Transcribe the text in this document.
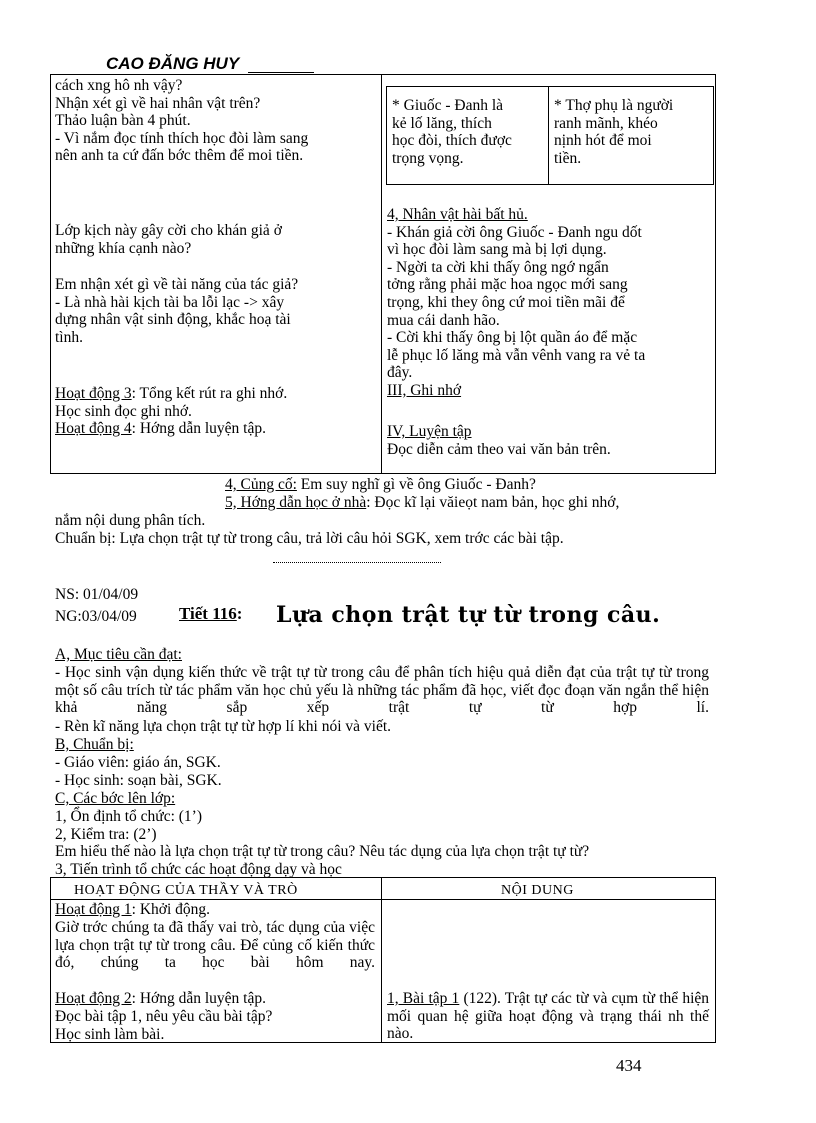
CAO ĐĂNG HUY
cách xng hô nh vậy?
Nhận xét gì về hai nhân vật trên?
Thảo luận bàn 4 phút.
- Vì nắm đọc tính thích học đòi làm sang
nên anh ta cứ đấn bớc thêm để moi tiền.
Lớp kịch này gây cời cho khán giả ở
những khía cạnh nào?
Em nhận xét gì về tài năng của tác giả?
- Là nhà hài kịch tài ba lỗi lạc -> xây
dựng nhân vật sinh động, khắc hoạ tài
tình.
Hoạt động 3: Tổng kết rút ra ghi nhớ.
Học sinh đọc ghi nhớ.
Hoạt động 4: Hớng dẫn luyện tập.
* Giuốc - Đanh là
kẻ lố lăng, thích
học đòi, thích được
trọng vọng.
* Thợ phụ là người
ranh mãnh, khéo
nịnh hót để moi
tiền.
4, Nhân vật hài bất hủ.
- Khán giả cời ông Giuốc - Đanh ngu dốt
vì học đòi làm sang mà bị lợi dụng.
- Ngời ta cời khi thấy ông ngớ ngẩn
tởng rằng phải mặc hoa ngọc mới sang
trọng, khi they ông cứ moi tiền mãi để
mua cái danh hão.
- Cời khi thấy ông bị lột quần áo để mặc
lễ phục lố lăng mà vẫn vênh vang ra vẻ ta
đây.
III, Ghi nhớ
IV, Luyện tập
Đọc diễn cảm theo vai văn bản trên.
4, Củng cố: Em suy nghĩ gì về ông Giuốc - Đanh?
5, Hớng dẫn học ở nhà: Đọc kĩ lại văieọt nam bản, học ghi nhớ,
nắm nội dung phân tích.
Chuẩn bị: Lựa chọn trật tự từ trong câu, trả lời câu hỏi SGK, xem trớc các bài tập.
NS: 01/04/09
NG:03/04/09 Tiết 116: Lựa chọn trật tự từ trong câu.
A, Mục tiêu cần đạt:

- Học sinh vận dụng kiến thức về trật tự từ trong câu để phân tích hiệu quả diễn đạt của trật tự từ trong một số câu trích từ tác phẩm văn học chủ yếu là những tác phẩm đã học, viết đọc đoạn văn ngắn thể hiện khả năng sắp xếp trật tự từ hợp lí.

- Rèn kĩ năng lựa chọn trật tự từ hợp lí khi nói và viết.
B, Chuẩn bị:
- Giáo viên: giáo án, SGK.
- Học sinh: soạn bài, SGK.
C, Các bớc lên lớp:
1, Ổn định tổ chức: (1’)
2, Kiểm tra: (2’)
Em hiểu thế nào là lựa chọn trật tự từ trong câu? Nêu tác dụng của lựa chọn trật tự từ?
3, Tiến trình tổ chức các hoạt động dạy và học
HOẠT ĐỘNG CỦA THẦY VÀ TRÒ	NỘI DUNG
Hoạt động 1: Khởi động.

Giờ trớc chúng ta đã thấy vai trò, tác dụng của việc lựa chọn trật tự từ trong câu. Để củng cố kiến thức đó, chúng ta học bài hôm nay.

Hoạt động 2: Hớng dẫn luyện tập.
Đọc bài tập 1, nêu yêu cầu bài tập?
Học sinh làm bài.

1, Bài tập 1 (122). Trật tự các từ và cụm từ thể hiện mối quan hệ giữa hoạt động và trạng thái nh thế nào.

434
